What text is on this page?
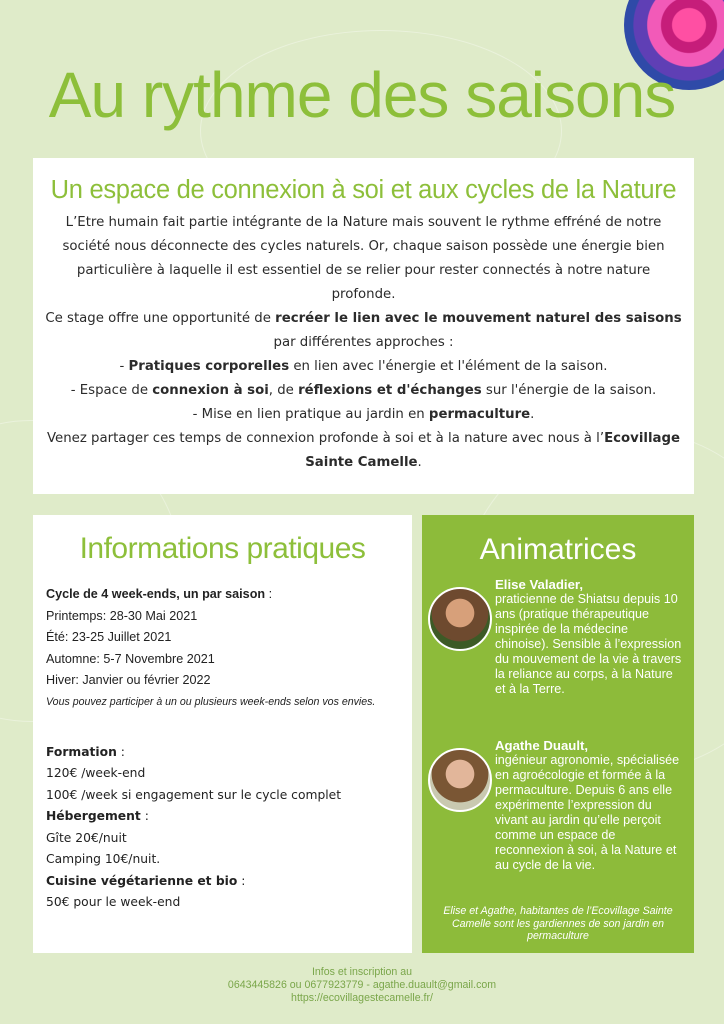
Au rythme des saisons
Un espace de connexion à soi et aux cycles de la Nature
L’Etre humain fait partie intégrante de la Nature mais souvent le rythme effréné de notre société nous déconnecte des cycles naturels. Or, chaque saison possède une énergie bien particulière à laquelle il est essentiel de se relier pour rester connectés à notre nature profonde.
Ce stage offre une opportunité de recréer le lien avec le mouvement naturel des saisons par différentes approches :
- Pratiques corporelles en lien avec l'énergie et l'élément de la saison.
- Espace de connexion à soi, de réflexions et d'échanges sur l'énergie de la saison.
- Mise en lien pratique au jardin en permaculture.
Venez partager ces temps de connexion profonde à soi et à la nature avec nous à l’Ecovillage Sainte Camelle.
Informations pratiques
Cycle de 4 week-ends, un par saison :
Printemps: 28-30 Mai 2021
Été: 23-25 Juillet 2021
Automne: 5-7 Novembre 2021
Hiver: Janvier ou février 2022
Vous pouvez participer à un ou plusieurs week-ends selon vos envies.
Formation :
120€ /week-end
100€ /week si engagement sur le cycle complet
Hébergement :
Gîte 20€/nuit
Camping 10€/nuit.
Cuisine végétarienne et bio :
50€ pour le week-end
Animatrices
Elise Valadier,
praticienne de Shiatsu depuis 10 ans (pratique thérapeutique inspirée de la médecine chinoise). Sensible à l’expression du mouvement de la vie à travers la reliance au corps, à la Nature et à la Terre.
Agathe Duault,
ingénieur agronomie, spécialisée en agroécologie et formée à la permaculture. Depuis 6 ans elle expérimente l’expression du vivant au jardin qu’elle perçoit comme un espace de reconnexion à soi, à la Nature et au cycle de la vie.
Elise et Agathe, habitantes de l’Ecovillage Sainte Camelle sont les gardiennes de son jardin en permaculture
Infos et inscription au
0643445826 ou 0677923779 - agathe.duault@gmail.com
https://ecovillagestecamelle.fr/
